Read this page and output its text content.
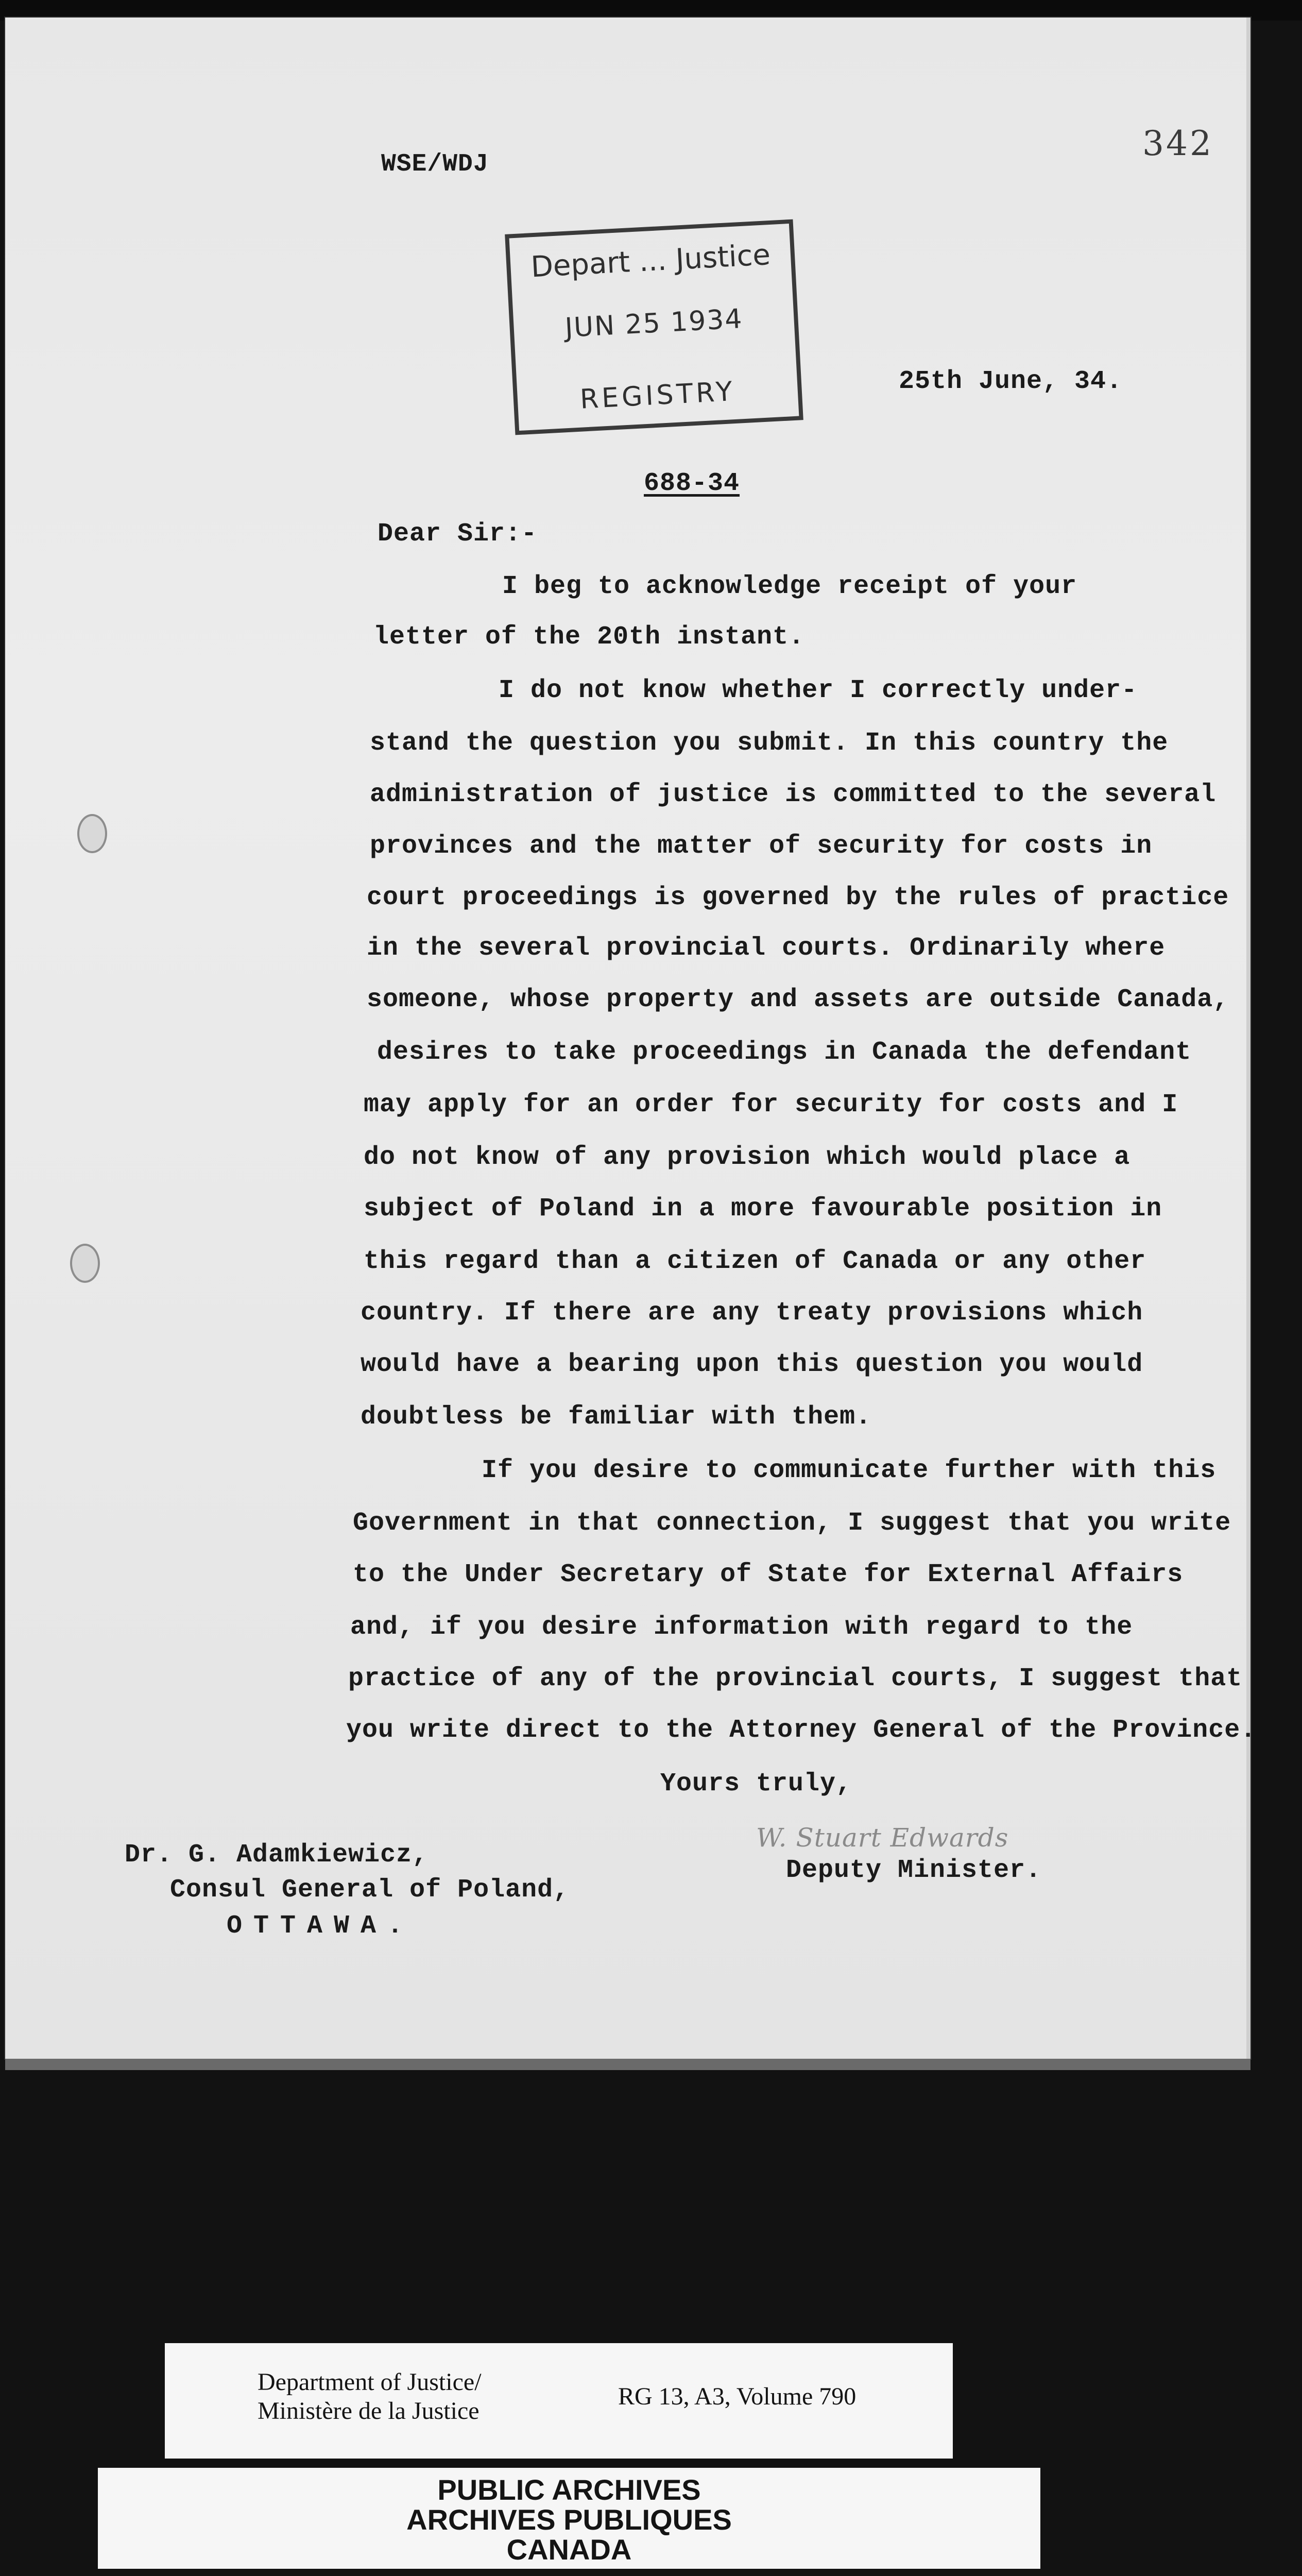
WSE/WDJ
342
Depart ... Justice
JUN 25 1934
REGISTRY	25th June, 34.
688-34
Dear Sir:-
I beg to acknowledge receipt of your
letter of the 20th instant.
I do not know whether I correctly under-
stand the question you submit. In this country the
administration of justice is committed to the several
provinces and the matter of security for costs in
court proceedings is governed by the rules of practice
in the several provincial courts. Ordinarily where
someone, whose property and assets are outside Canada,
desires to take proceedings in Canada the defendant
may apply for an order for security for costs and I
do not know of any provision which would place a
subject of Poland in a more favourable position in
this regard than a citizen of Canada or any other
country. If there are any treaty provisions which
would have a bearing upon this question you would
doubtless be familiar with them.
If you desire to communicate further with this
Government in that connection, I suggest that you write
to the Under Secretary of State for External Affairs
and, if you desire information with regard to the
practice of any of the provincial courts, I suggest that
you write direct to the Attorney General of the Province.
Yours truly,
W. Stuart Edwards
Deputy Minister.
Dr. G. Adamkiewicz,
Consul General of Poland,
OTTAWA.
Department of Justice/
Ministère de la Justice
RG 13, A3, Volume 790
PUBLIC ARCHIVES
ARCHIVES PUBLIQUES
CANADA
